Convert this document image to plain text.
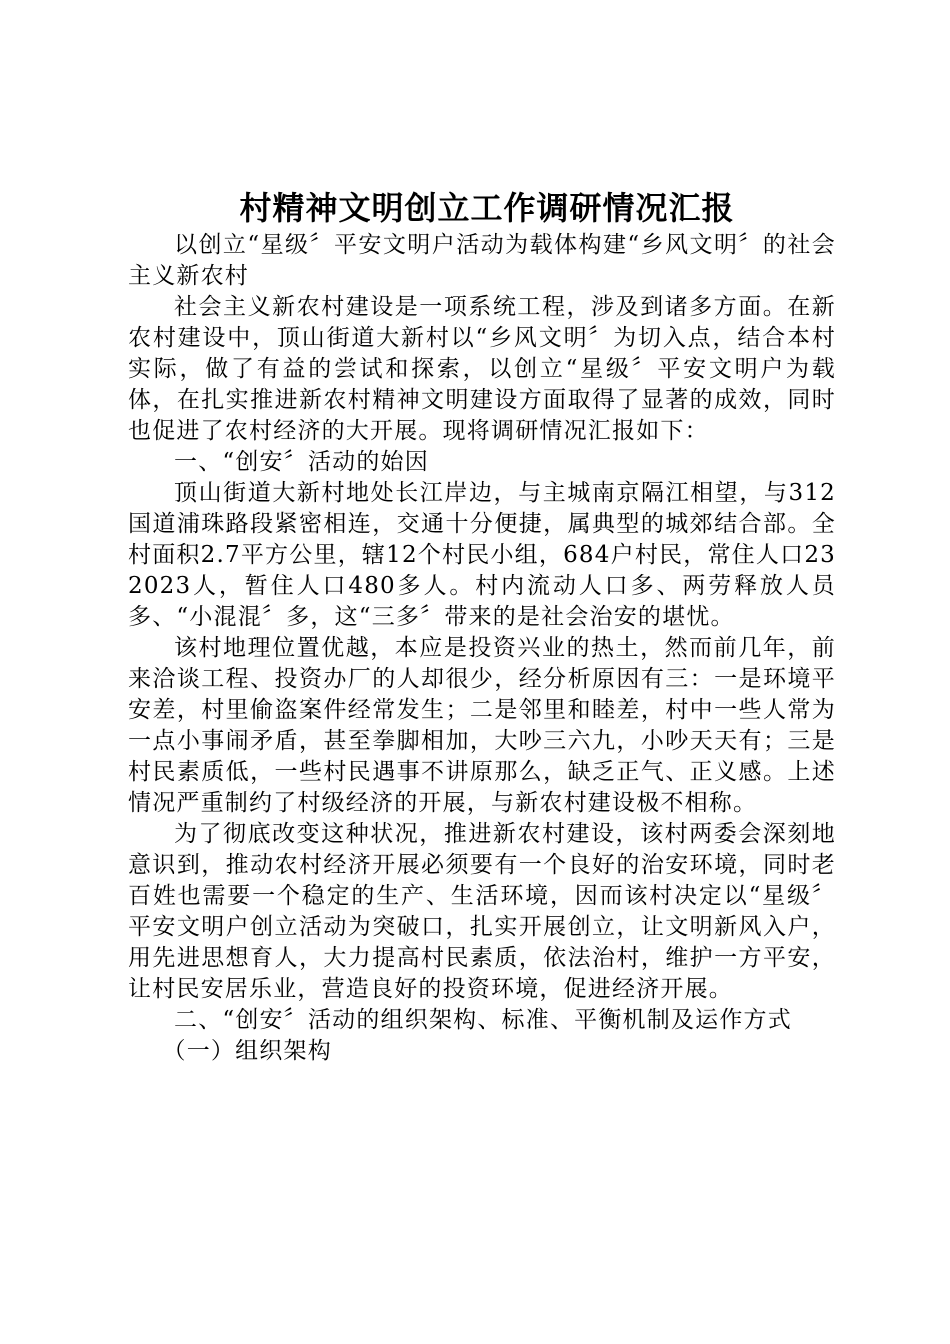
村精神文明创立工作调研情况汇报

以创立“星级〞平安文明户活动为载体构建“乡风文明〞的社会主义新农村

社会主义新农村建设是一项系统工程，涉及到诸多方面。在新农村建设中，顶山街道大新村以“乡风文明〞为切入点，结合本村实际，做了有益的尝试和探索，以创立“星级〞平安文明户为载体，在扎实推进新农村精神文明建设方面取得了显著的成效，同时也促进了农村经济的大开展。现将调研情况汇报如下：

一、“创安〞活动的始因

顶山街道大新村地处长江岸边，与主城南京隔江相望，与312国道浦珠路段紧密相连，交通十分便捷，属典型的城郊结合部。全村面积2.7平方公里，辖12个村民小组，684户村民，常住人口232023人，暂住人口480多人。村内流动人口多、两劳释放人员多、“小混混〞多，这“三多〞带来的是社会治安的堪忧。

该村地理位置优越，本应是投资兴业的热土，然而前几年，前来洽谈工程、投资办厂的人却很少，经分析原因有三：一是环境平安差，村里偷盗案件经常发生；二是邻里和睦差，村中一些人常为一点小事闹矛盾，甚至拳脚相加，大吵三六九，小吵天天有；三是村民素质低，一些村民遇事不讲原那么，缺乏正气、正义感。上述情况严重制约了村级经济的开展，与新农村建设极不相称。

为了彻底改变这种状况，推进新农村建设，该村两委会深刻地意识到，推动农村经济开展必须要有一个良好的治安环境，同时老百姓也需要一个稳定的生产、生活环境，因而该村决定以“星级〞平安文明户创立活动为突破口，扎实开展创立，让文明新风入户，用先进思想育人，大力提高村民素质，依法治村，维护一方平安，让村民安居乐业，营造良好的投资环境，促进经济开展。

二、“创安〞活动的组织架构、标准、平衡机制及运作方式

（一）组织架构
